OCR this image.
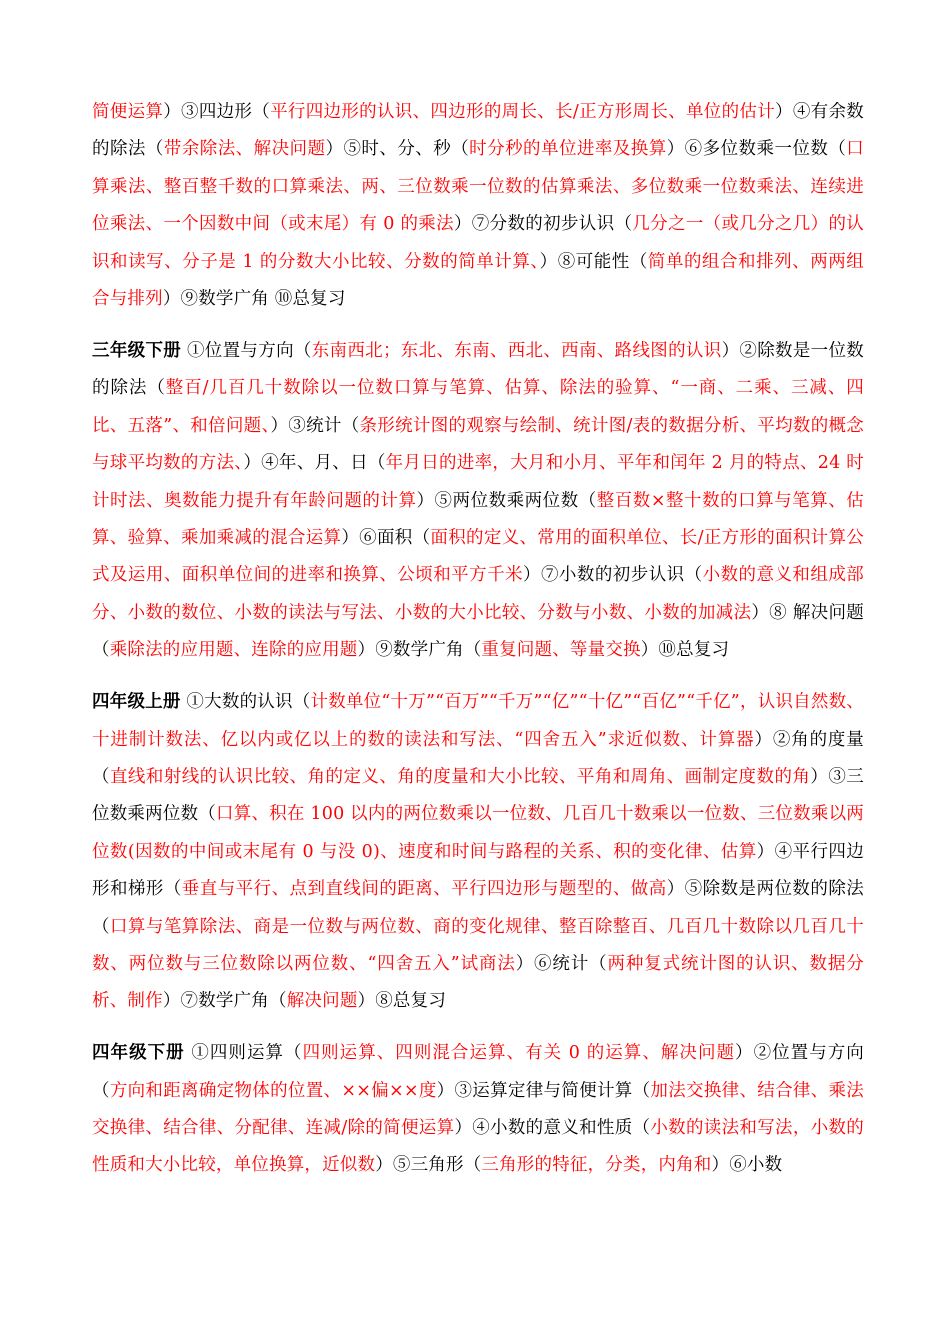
简便运算）③四边形（平行四边形的认识、四边形的周长、长/正方形周长、单位的估计）④有余数的除法（带余除法、解决问题）⑤时、分、秒（时分秒的单位进率及换算）⑥多位数乘一位数（口算乘法、整百整千数的口算乘法、两、三位数乘一位数的估算乘法、多位数乘一位数乘法、连续进位乘法、一个因数中间（或末尾）有 0 的乘法）⑦分数的初步认识（几分之一（或几分之几）的认识和读写、分子是 1 的分数大小比较、分数的简单计算、）⑧可能性（简单的组合和排列、两两组合与排列）⑨数学广角 ⑩总复习

三年级下册 ①位置与方向（东南西北；东北、东南、西北、西南、路线图的认识）②除数是一位数的除法（整百/几百几十数除以一位数口算与笔算、估算、除法的验算、“一商、二乘、三减、四比、五落”、和倍问题、）③统计（条形统计图的观察与绘制、统计图/表的数据分析、平均数的概念与球平均数的方法、）④年、月、日（年月日的进率，大月和小月、平年和闰年 2 月的特点、24 时计时法、奥数能力提升有年龄问题的计算）⑤两位数乘两位数（整百数×整十数的口算与笔算、估算、验算、乘加乘减的混合运算）⑥面积（面积的定义、常用的面积单位、长/正方形的面积计算公式及运用、面积单位间的进率和换算、公顷和平方千米）⑦小数的初步认识（小数的意义和组成部分、小数的数位、小数的读法与写法、小数的大小比较、分数与小数、小数的加减法）⑧ 解决问题（乘除法的应用题、连除的应用题）⑨数学广角（重复问题、等量交换）⑩总复习

四年级上册 ①大数的认识（计数单位“十万”“百万”“千万”“亿”“十亿”“百亿”“千亿”，认识自然数、十进制计数法、亿以内或亿以上的数的读法和写法、“四舍五入”求近似数、计算器）②角的度量（直线和射线的认识比较、角的定义、角的度量和大小比较、平角和周角、画制定度数的角）③三位数乘两位数（口算、积在 100 以内的两位数乘以一位数、几百几十数乘以一位数、三位数乘以两位数(因数的中间或末尾有 0 与没 0)、速度和时间与路程的关系、积的变化律、估算）④平行四边形和梯形（垂直与平行、点到直线间的距离、平行四边形与题型的、做高）⑤除数是两位数的除法（口算与笔算除法、商是一位数与两位数、商的变化规律、整百除整百、几百几十数除以几百几十数、两位数与三位数除以两位数、“四舍五入”试商法）⑥统计（两种复式统计图的认识、数据分析、制作）⑦数学广角（解决问题）⑧总复习

四年级下册 ①四则运算（四则运算、四则混合运算、有关 0 的运算、解决问题）②位置与方向（方向和距离确定物体的位置、××偏××度）③运算定律与简便计算（加法交换律、结合律、乘法交换律、结合律、分配律、连减/除的简便运算）④小数的意义和性质（小数的读法和写法，小数的性质和大小比较，单位换算，近似数）⑤三角形（三角形的特征，分类，内角和）⑥小数
